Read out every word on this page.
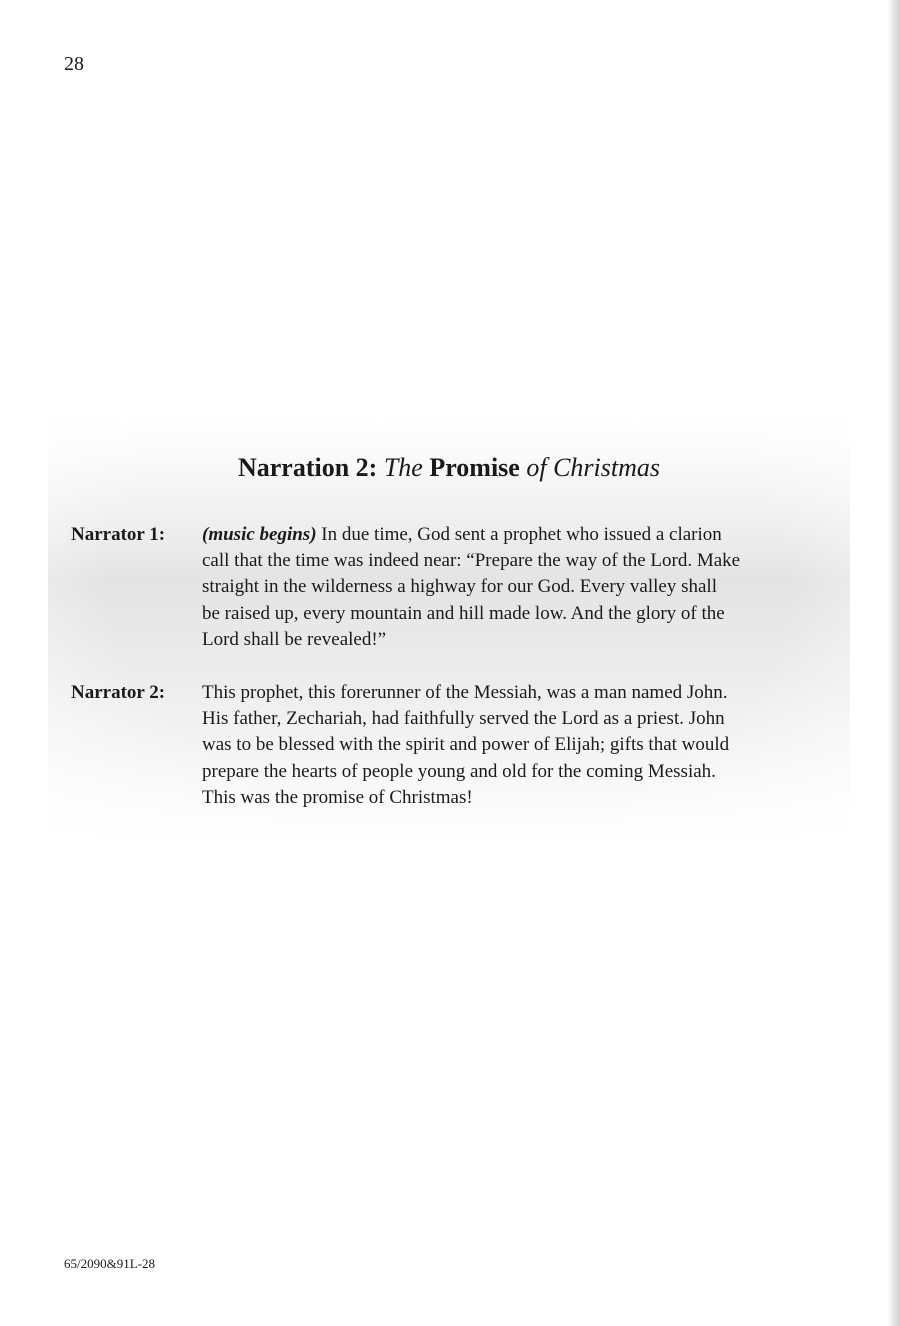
28
Narration 2: The Promise of Christmas
Narrator 1: (music begins) In due time, God sent a prophet who issued a clarion
call that the time was indeed near: “Prepare the way of the Lord. Make
straight in the wilderness a highway for our God. Every valley shall
be raised up, every mountain and hill made low. And the glory of the
Lord shall be revealed!”
Narrator 2: This prophet, this forerunner of the Messiah, was a man named John.
His father, Zechariah, had faithfully served the Lord as a priest. John
was to be blessed with the spirit and power of Elijah; gifts that would
prepare the hearts of people young and old for the coming Messiah.
This was the promise of Christmas!
65/2090&91L-28
